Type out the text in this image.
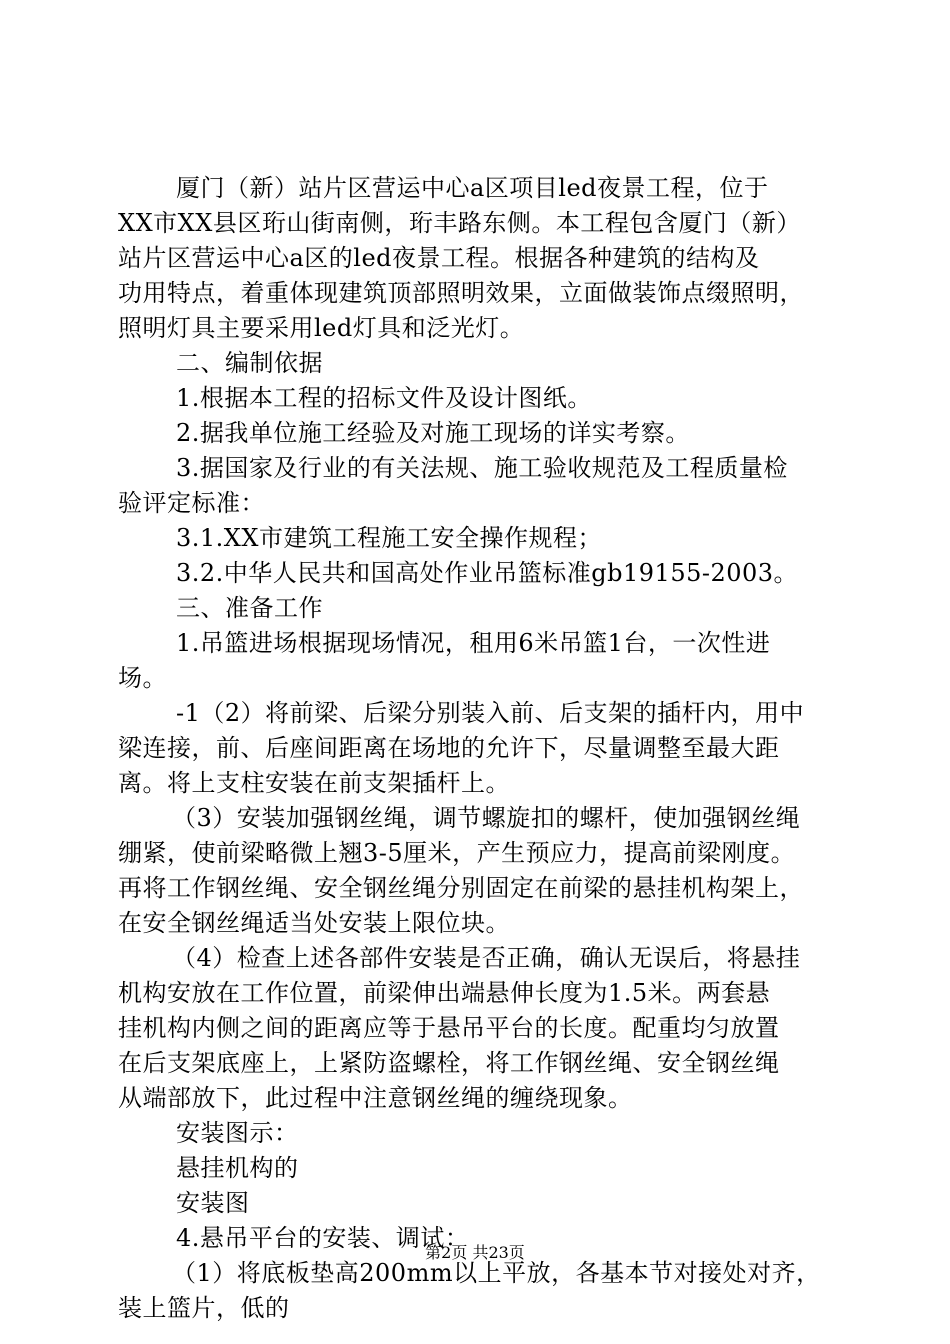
厦门（新）站片区营运中心a区项目led夜景工程，位于
XX市XX县区珩山街南侧，珩丰路东侧。本工程包含厦门（新）
站片区营运中心a区的led夜景工程。根据各种建筑的结构及
功用特点，着重体现建筑顶部照明效果，立面做装饰点缀照明，
照明灯具主要采用led灯具和泛光灯。
二、编制依据
1.根据本工程的招标文件及设计图纸。
2.据我单位施工经验及对施工现场的详实考察。
3.据国家及行业的有关法规、施工验收规范及工程质量检
验评定标准：
3.1.XX市建筑工程施工安全操作规程；
3.2.中华人民共和国高处作业吊篮标准gb19155-2003。
三、准备工作
1.吊篮进场根据现场情况，租用6米吊篮1台，一次性进
场。
-1（2）将前梁、后梁分别装入前、后支架的插杆内，用中
梁连接，前、后座间距离在场地的允许下，尽量调整至最大距
离。将上支柱安装在前支架插杆上。
（3）安装加强钢丝绳，调节螺旋扣的螺杆，使加强钢丝绳
绷紧，使前梁略微上翘3-5厘米，产生预应力，提高前梁刚度。
再将工作钢丝绳、安全钢丝绳分别固定在前梁的悬挂机构架上，
在安全钢丝绳适当处安装上限位块。
（4）检查上述各部件安装是否正确，确认无误后，将悬挂
机构安放在工作位置，前梁伸出端悬伸长度为1.5米。两套悬
挂机构内侧之间的距离应等于悬吊平台的长度。配重均匀放置
在后支架底座上，上紧防盗螺栓，将工作钢丝绳、安全钢丝绳
从端部放下，此过程中注意钢丝绳的缠绕现象。
安装图示：
悬挂机构的
安装图
4.悬吊平台的安装、调试：
（1）将底板垫高200mm以上平放，各基本节对接处对齐，
装上篮片，低的
第2页 共23页
